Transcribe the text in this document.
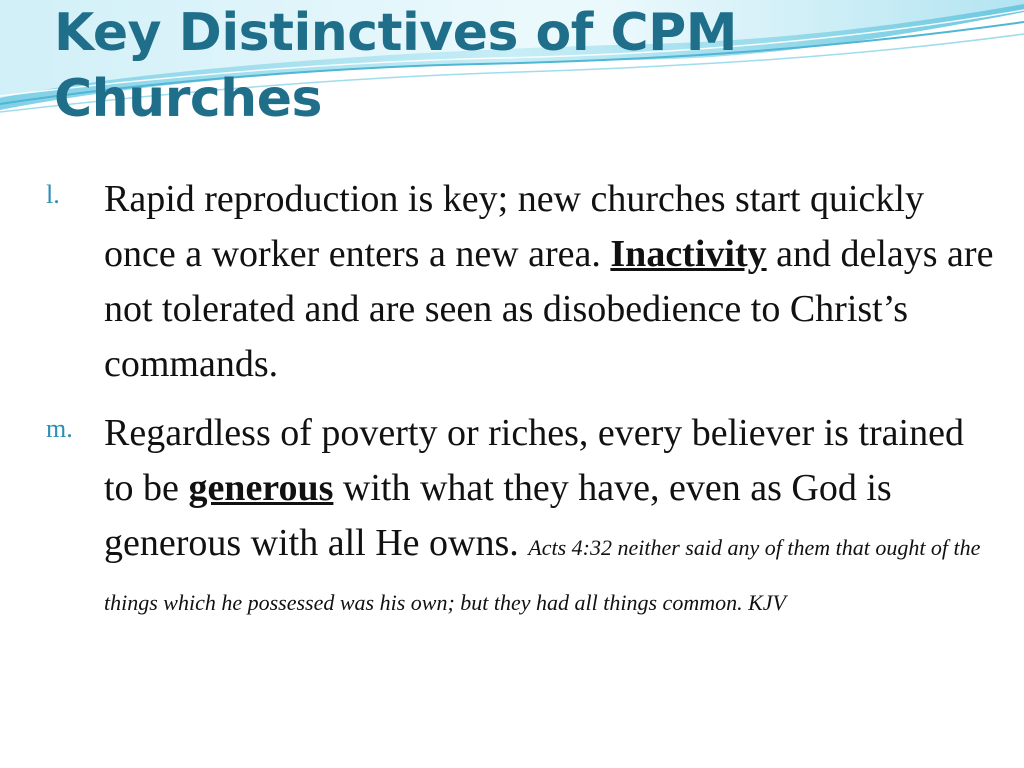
Key Distinctives of CPM Churches
l. Rapid reproduction is key; new churches start quickly once a worker enters a new area. Inactivity and delays are not tolerated and are seen as disobedience to Christ’s commands.
m. Regardless of poverty or riches, every believer is trained to be generous with what they have, even as God is generous with all He owns. Acts 4:32 neither said any of them that ought of the things which he possessed was his own; but they had all things common. KJV
